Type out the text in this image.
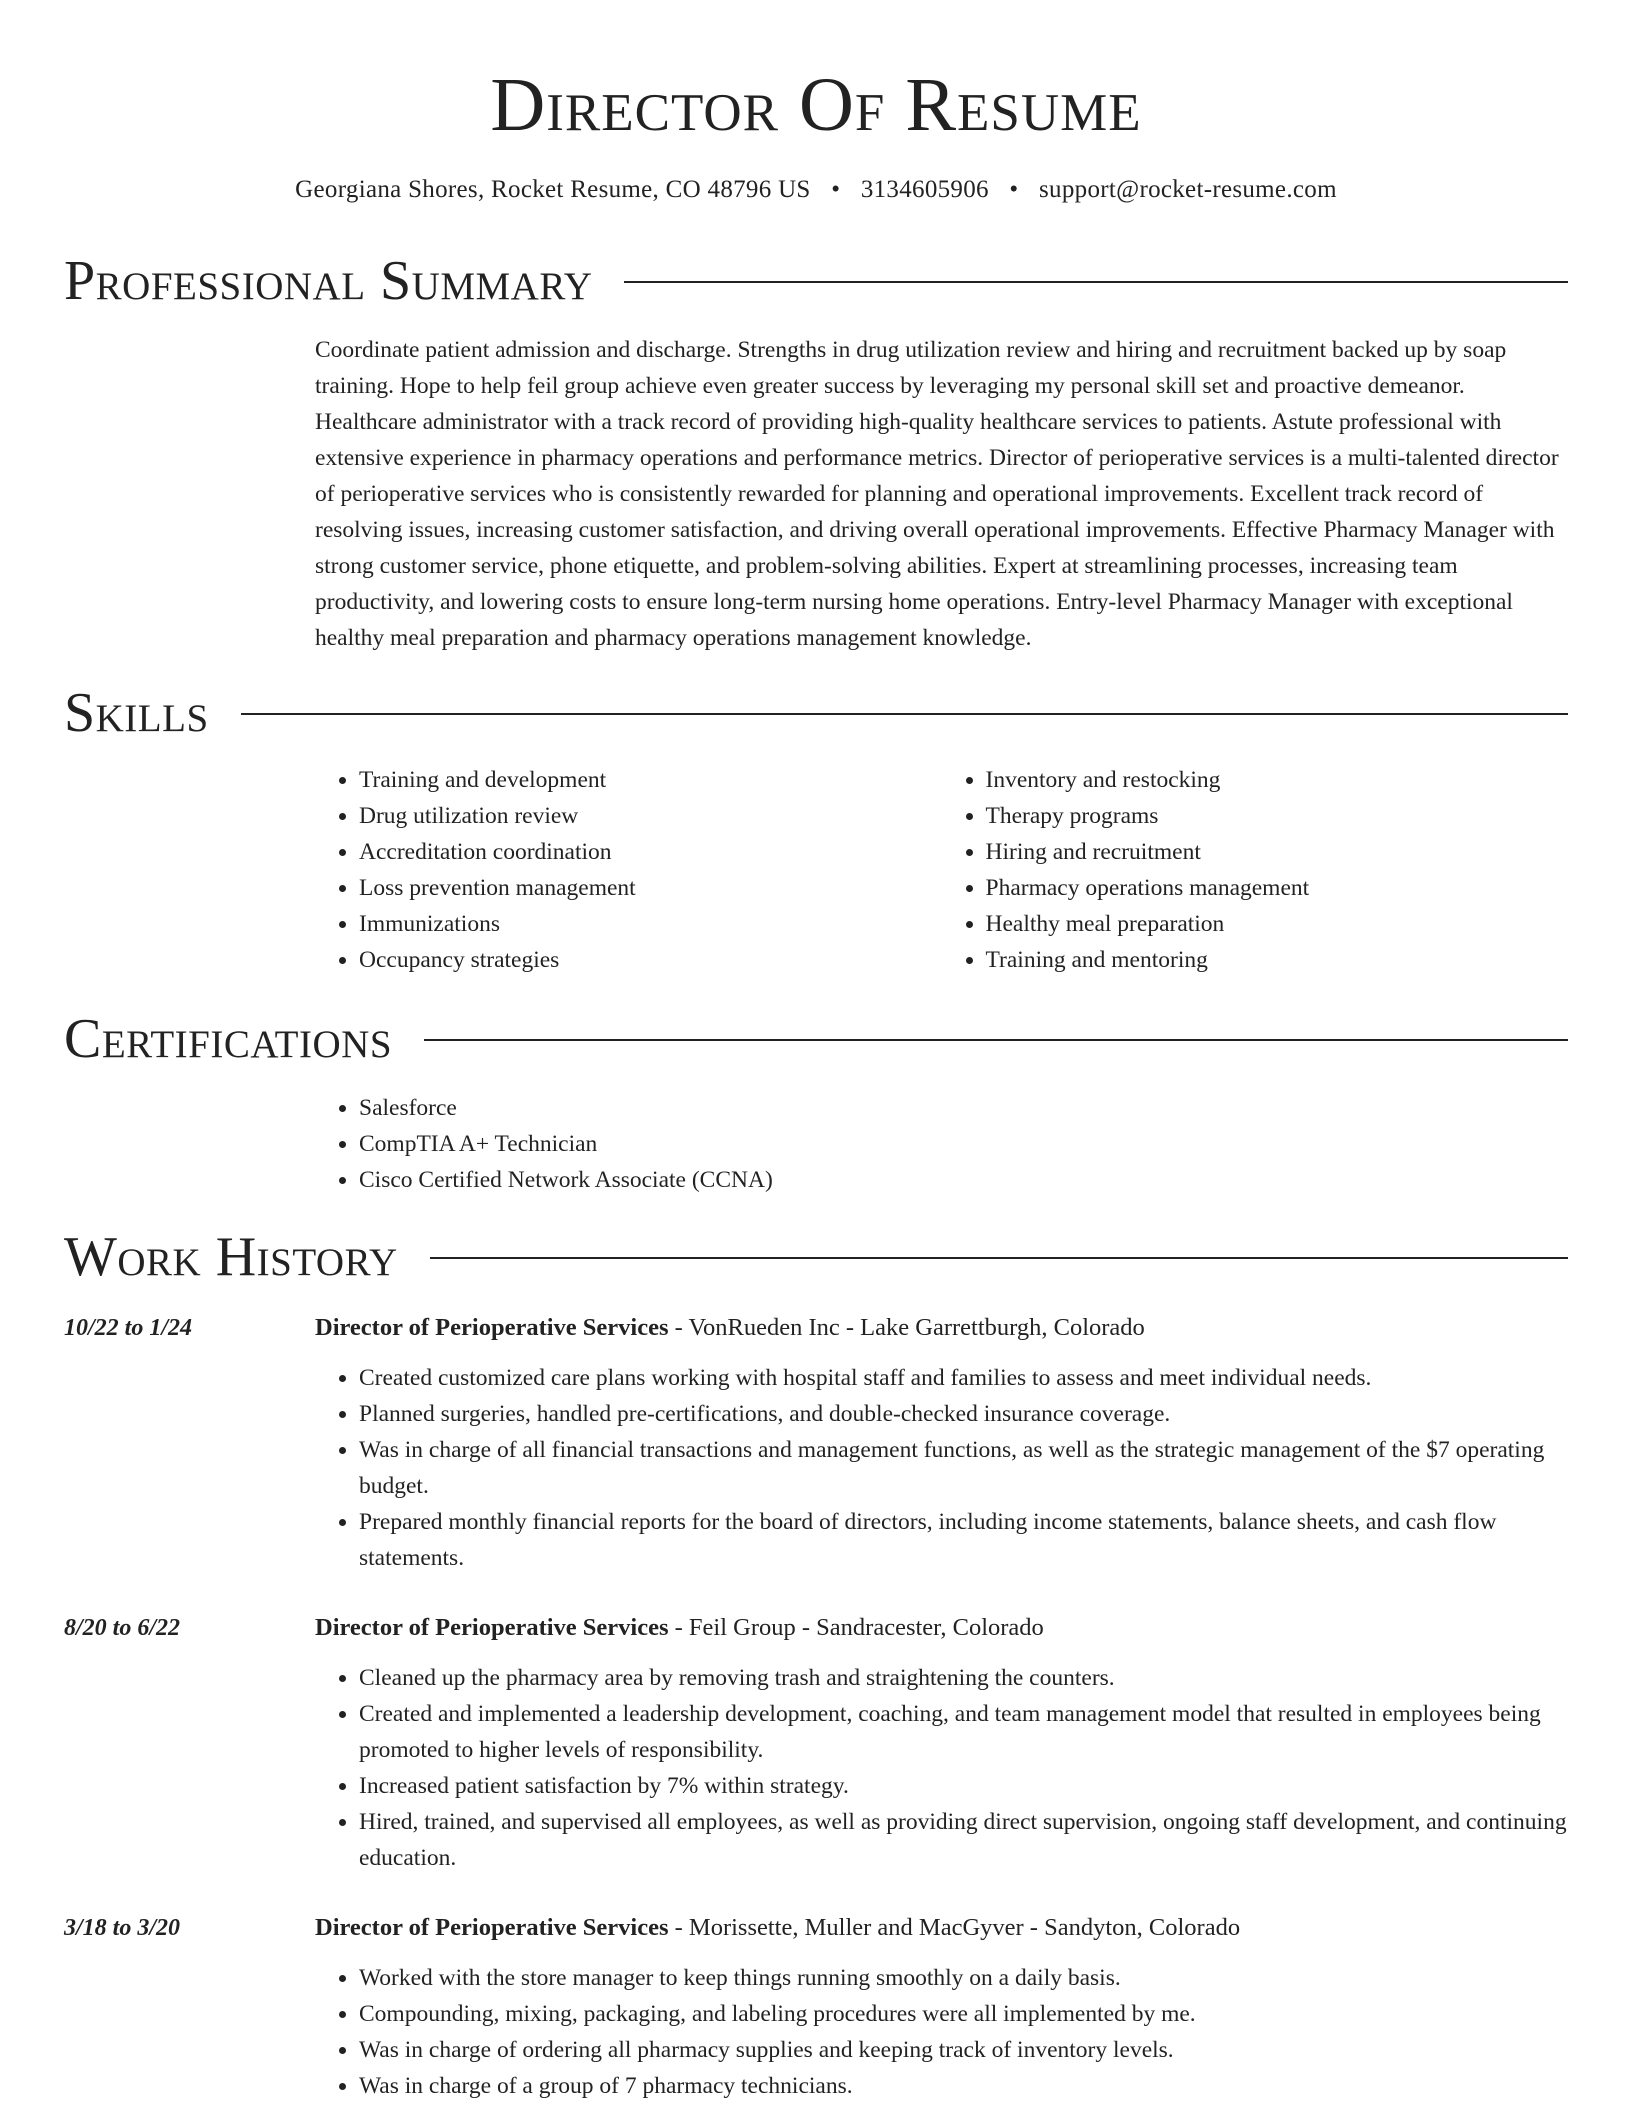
Director Of Resume
Georgiana Shores, Rocket Resume, CO 48796 US • 3134605906 • support@rocket-resume.com
Professional Summary
Coordinate patient admission and discharge. Strengths in drug utilization review and hiring and recruitment backed up by soap training. Hope to help feil group achieve even greater success by leveraging my personal skill set and proactive demeanor. Healthcare administrator with a track record of providing high-quality healthcare services to patients. Astute professional with extensive experience in pharmacy operations and performance metrics. Director of perioperative services is a multi-talented director of perioperative services who is consistently rewarded for planning and operational improvements. Excellent track record of resolving issues, increasing customer satisfaction, and driving overall operational improvements. Effective Pharmacy Manager with strong customer service, phone etiquette, and problem-solving abilities. Expert at streamlining processes, increasing team productivity, and lowering costs to ensure long-term nursing home operations. Entry-level Pharmacy Manager with exceptional healthy meal preparation and pharmacy operations management knowledge.
Skills
• Training and development
• Drug utilization review
• Accreditation coordination
• Loss prevention management
• Immunizations
• Occupancy strategies
• Inventory and restocking
• Therapy programs
• Hiring and recruitment
• Pharmacy operations management
• Healthy meal preparation
• Training and mentoring
Certifications
• Salesforce
• CompTIA A+ Technician
• Cisco Certified Network Associate (CCNA)
Work History
10/22 to 1/24	Director of Perioperative Services - VonRueden Inc - Lake Garrettburgh, Colorado
• Created customized care plans working with hospital staff and families to assess and meet individual needs.
• Planned surgeries, handled pre-certifications, and double-checked insurance coverage.
• Was in charge of all financial transactions and management functions, as well as the strategic management of the $7 operating budget.
• Prepared monthly financial reports for the board of directors, including income statements, balance sheets, and cash flow statements.
8/20 to 6/22	Director of Perioperative Services - Feil Group - Sandracester, Colorado
• Cleaned up the pharmacy area by removing trash and straightening the counters.
• Created and implemented a leadership development, coaching, and team management model that resulted in employees being promoted to higher levels of responsibility.
• Increased patient satisfaction by 7% within strategy.
• Hired, trained, and supervised all employees, as well as providing direct supervision, ongoing staff development, and continuing education.
3/18 to 3/20	Director of Perioperative Services - Morissette, Muller and MacGyver - Sandyton, Colorado
• Worked with the store manager to keep things running smoothly on a daily basis.
• Compounding, mixing, packaging, and labeling procedures were all implemented by me.
• Was in charge of ordering all pharmacy supplies and keeping track of inventory levels.
• Was in charge of a group of 7 pharmacy technicians.
